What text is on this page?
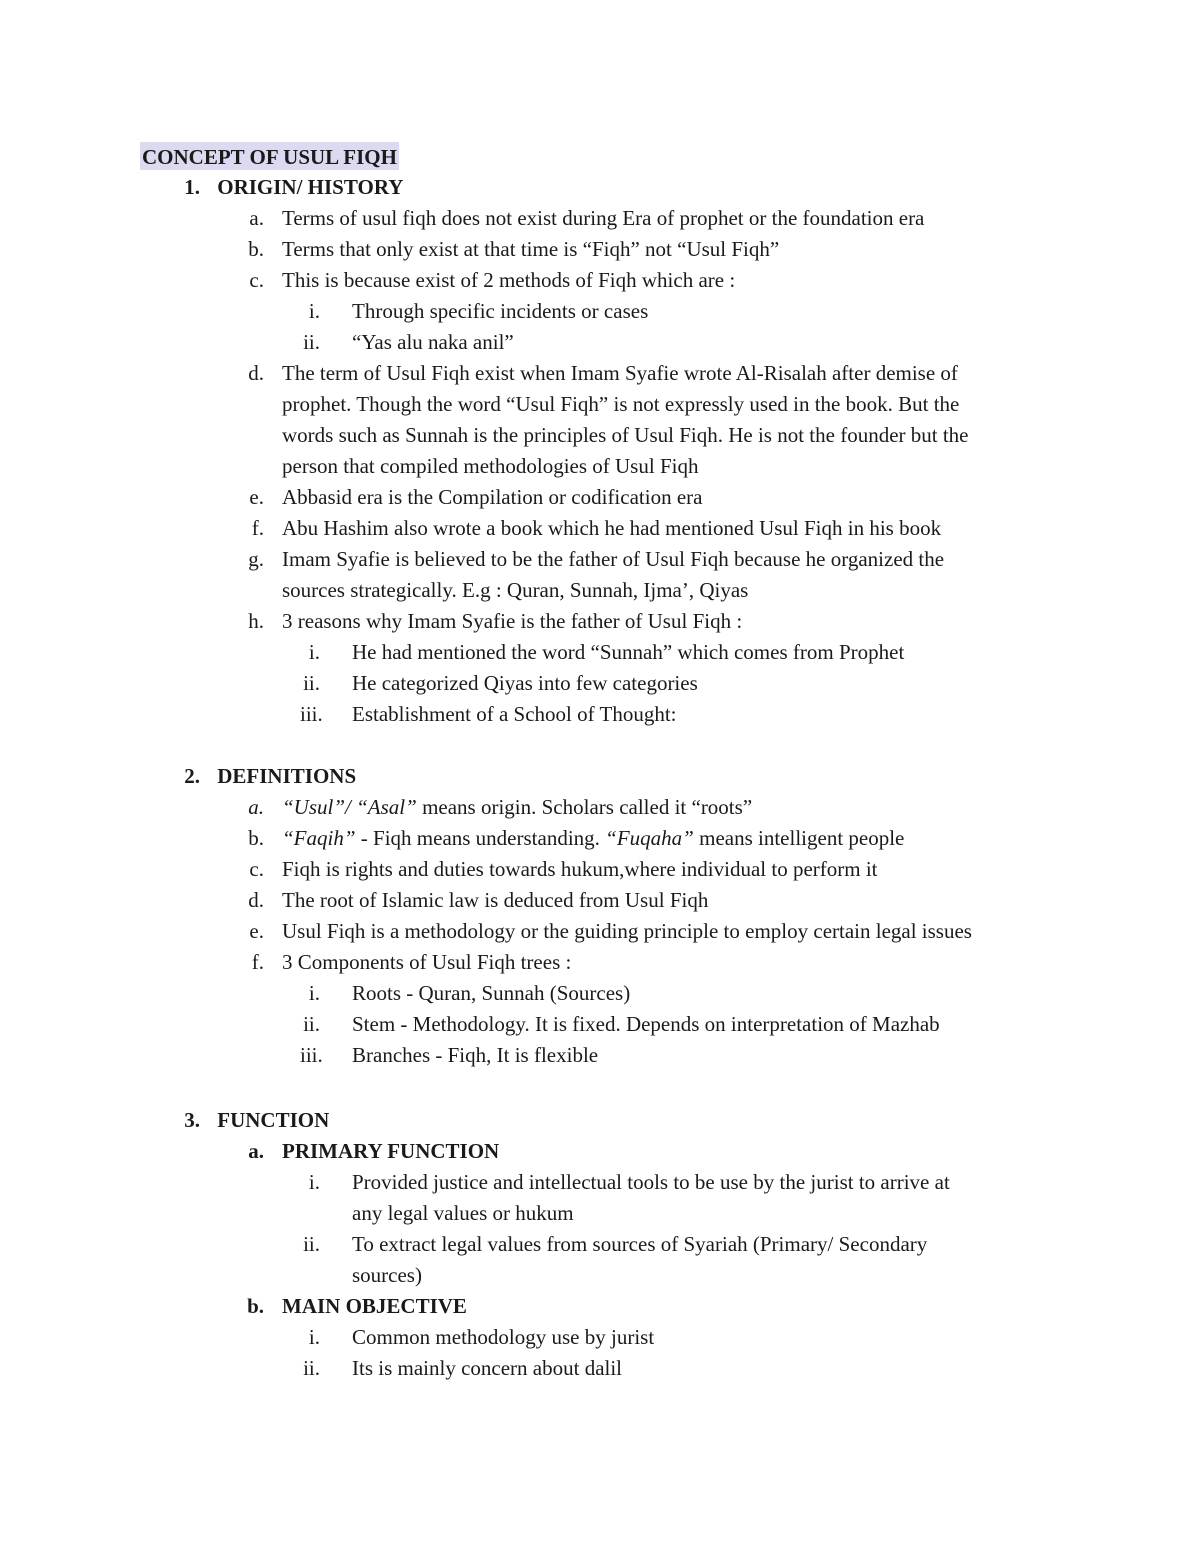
CONCEPT OF USUL FIQH
1. ORIGIN/ HISTORY
a. Terms of usul fiqh does not exist during Era of prophet or the foundation era
b. Terms that only exist at that time is “Fiqh” not “Usul Fiqh”
c. This is because exist of 2 methods of Fiqh which are :
i. Through specific incidents or cases
ii. “Yas alu naka anil”
d. The term of Usul Fiqh exist when Imam Syafie wrote Al-Risalah after demise of
prophet. Though the word “Usul Fiqh” is not expressly used in the book. But the
words such as Sunnah is the principles of Usul Fiqh. He is not the founder but the
person that compiled methodologies of Usul Fiqh
e. Abbasid era is the Compilation or codification era
f. Abu Hashim also wrote a book which he had mentioned Usul Fiqh in his book
g. Imam Syafie is believed to be the father of Usul Fiqh because he organized the
sources strategically. E.g : Quran, Sunnah, Ijma’, Qiyas
h. 3 reasons why Imam Syafie is the father of Usul Fiqh :
i. He had mentioned the word “Sunnah” which comes from Prophet
ii. He categorized Qiyas into few categories
iii. Establishment of a School of Thought:
2. DEFINITIONS
a. “Usul”/ “Asal” means origin. Scholars called it “roots”
b. “Faqih” - Fiqh means understanding. “Fuqaha” means intelligent people
c. Fiqh is rights and duties towards hukum,where individual to perform it
d. The root of Islamic law is deduced from Usul Fiqh
e. Usul Fiqh is a methodology or the guiding principle to employ certain legal issues
f. 3 Components of Usul Fiqh trees :
i. Roots - Quran, Sunnah (Sources)
ii. Stem - Methodology. It is fixed. Depends on interpretation of Mazhab
iii. Branches - Fiqh, It is flexible
3. FUNCTION
a. PRIMARY FUNCTION
i. Provided justice and intellectual tools to be use by the jurist to arrive at
any legal values or hukum
ii. To extract legal values from sources of Syariah (Primary/ Secondary
sources)
b. MAIN OBJECTIVE
i. Common methodology use by jurist
ii. Its is mainly concern about dalil
